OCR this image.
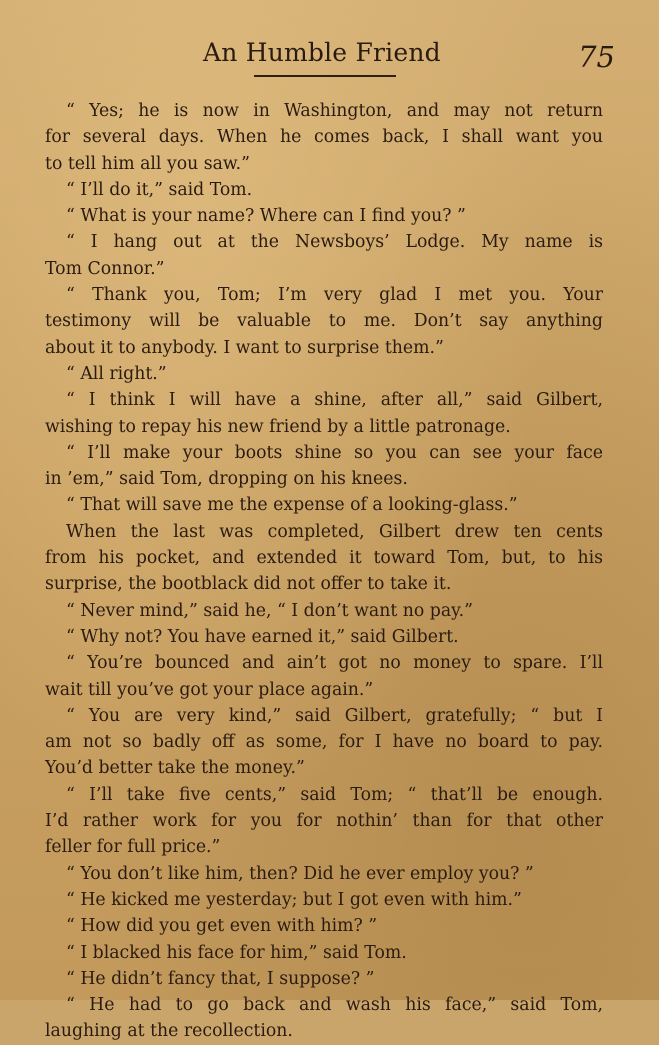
An Humble Friend	75
“ Yes; he is now in Washington, and may not return
for several days. When he comes back, I shall want you
to tell him all you saw.”
“ I’ll do it,” said Tom.
“ What is your name? Where can I find you? ”
“ I hang out at the Newsboys’ Lodge. My name is
Tom Connor.”
“ Thank you, Tom; I’m very glad I met you. Your
testimony will be valuable to me. Don’t say anything
about it to anybody. I want to surprise them.”
“ All right.”
“ I think I will have a shine, after all,” said Gilbert,
wishing to repay his new friend by a little patronage.
“ I’ll make your boots shine so you can see your face
in ’em,” said Tom, dropping on his knees.
“ That will save me the expense of a looking-glass.”
When the last was completed, Gilbert drew ten cents
from his pocket, and extended it toward Tom, but, to his
surprise, the bootblack did not offer to take it.
“ Never mind,” said he, “ I don’t want no pay.”
“ Why not? You have earned it,” said Gilbert.
“ You’re bounced and ain’t got no money to spare. I’ll
wait till you’ve got your place again.”
“ You are very kind,” said Gilbert, gratefully; “ but I
am not so badly off as some, for I have no board to pay.
You’d better take the money.”
“ I’ll take five cents,” said Tom; “ that’ll be enough.
I’d rather work for you for nothin’ than for that other
feller for full price.”
“ You don’t like him, then? Did he ever employ you? ”
“ He kicked me yesterday; but I got even with him.”
“ How did you get even with him? ”
“ I blacked his face for him,” said Tom.
“ He didn’t fancy that, I suppose? ”
“ He had to go back and wash his face,” said Tom,
laughing at the recollection.
